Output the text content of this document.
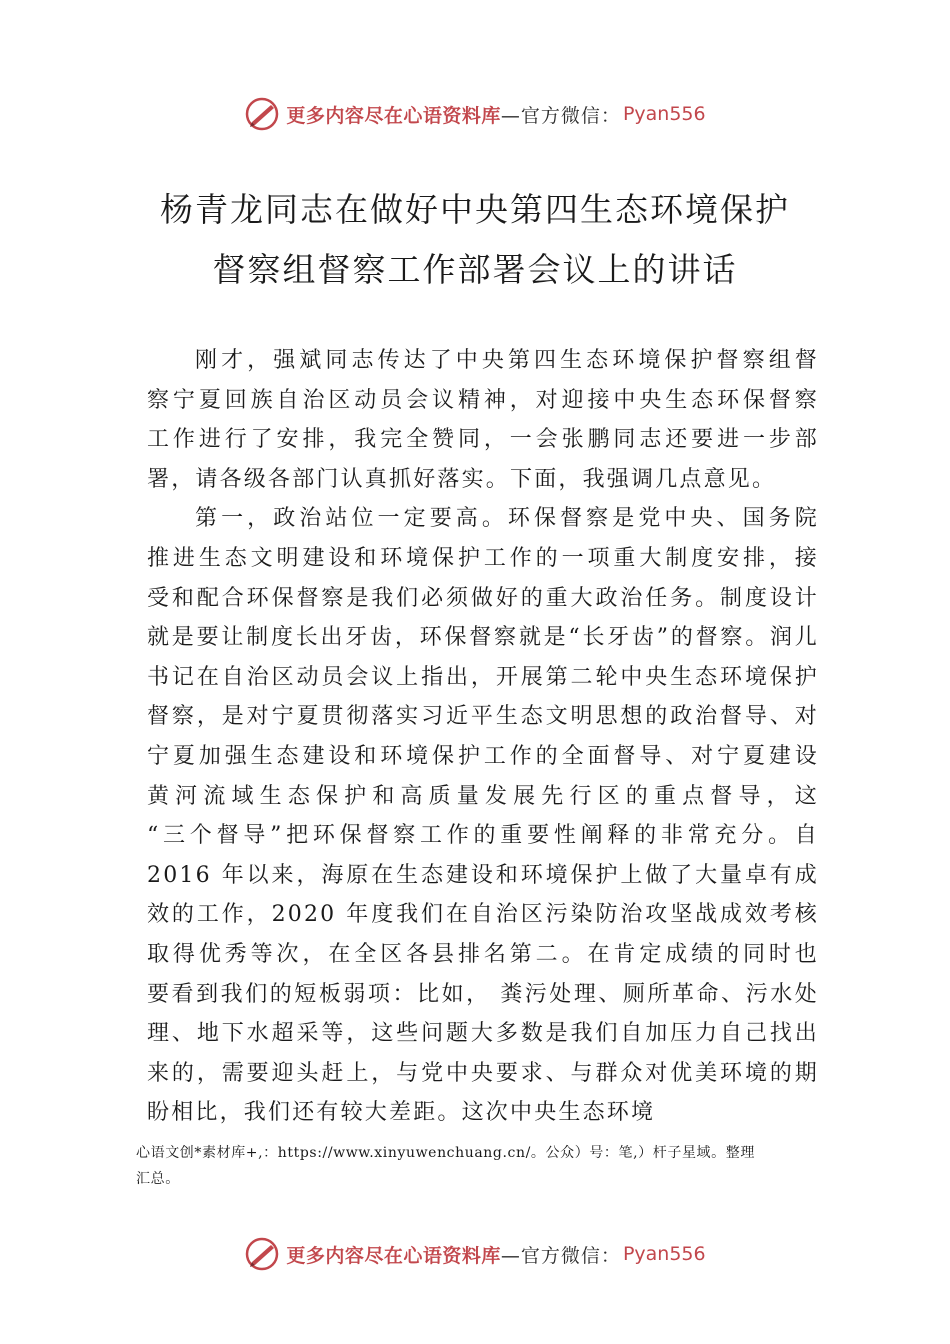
更多内容尽在心语资料库 —官方微信： Pyan556
杨青龙同志在做好中央第四生态环境保护
督察组督察工作部署会议上的讲话
刚才，强斌同志传达了中央第四生态环境保护督察组督
察宁夏回族自治区动员会议精神，对迎接中央生态环保督察
工作进行了安排，我完全赞同，一会张鹏同志还要进一步部
署，请各级各部门认真抓好落实。下面，我强调几点意见。
第一，政治站位一定要高。环保督察是党中央、国务院
推进生态文明建设和环境保护工作的一项重大制度安排，接
受和配合环保督察是我们必须做好的重大政治任务。制度设计
就是要让制度长出牙齿，环保督察就是“长牙齿”的督察。润儿
书记在自治区动员会议上指出，开展第二轮中央生态环境保护
督察，是对宁夏贯彻落实习近平生态文明思想的政治督导、对
宁夏加强生态建设和环境保护工作的全面督导、对宁夏建设
黄河流域生态保护和高质量发展先行区的重点督导，这
“三个督导”把环保督察工作的重要性阐释的非常充分。自
2016 年以来，海原在生态建设和环境保护上做了大量卓有成
效的工作，2020 年度我们在自治区污染防治攻坚战成效考核
取得优秀等次，在全区各县排名第二。在肯定成绩的同时也
要看到我们的短板弱项：比如， 粪污处理、厕所革命、污水处
理、地下水超采等，这些问题大多数是我们自加压力自己找出
来的，需要迎头赶上，与党中央要求、与群众对优美环境的期
盼相比，我们还有较大差距。这次中央生态环境
心语文创*素材库+,：https://www.xinyuwenchuang.cn/。公众）号：笔,）杆子星域。整理
汇总。
更多内容尽在心语资料库 —官方微信： Pyan556
